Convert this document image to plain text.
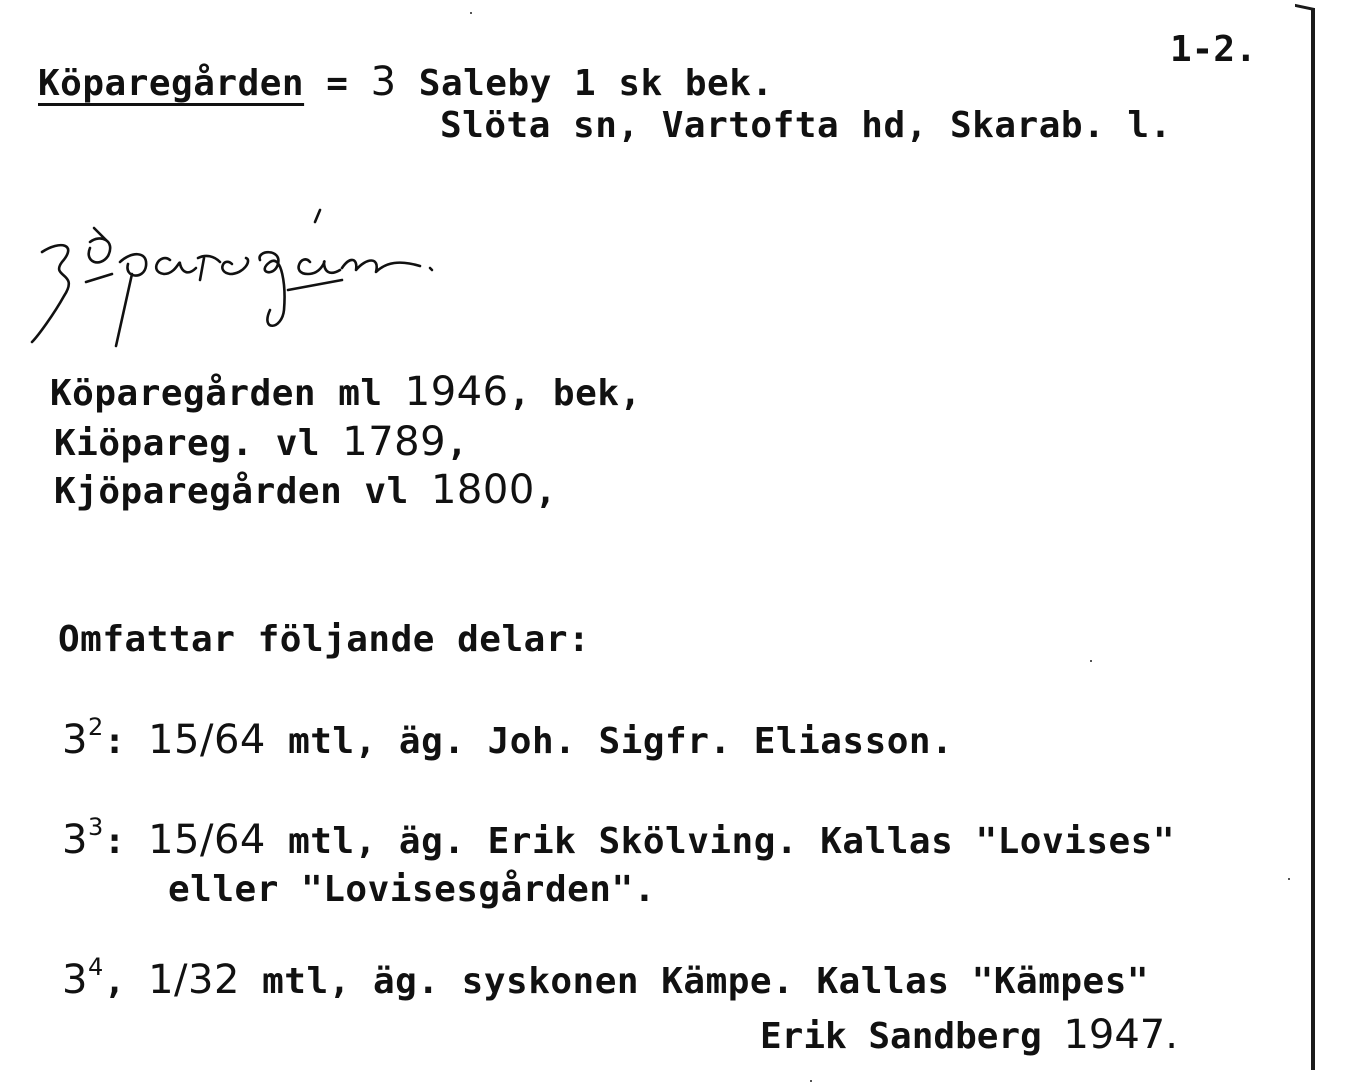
1-2.
Köparegården = 3 Saleby 1 sk bek.
Slöta sn, Vartofta hd, Skarab. l.
Köparegården ml 1946, bek,
Kiöpareg. vl 1789,
Kjöparegården vl 1800,
Omfattar följande delar:
$3^2$: 15/64 mtl, äg. Joh. Sigfr. Eliasson.
$3^3$: 15/64 mtl, äg. Erik Skölving. Kallas "Lovises"
eller "Lovisesgården".
$3^4$, 1/32 mtl, äg. syskonen Kämpe. Kallas "Kämpes"
Erik Sandberg 1947.
